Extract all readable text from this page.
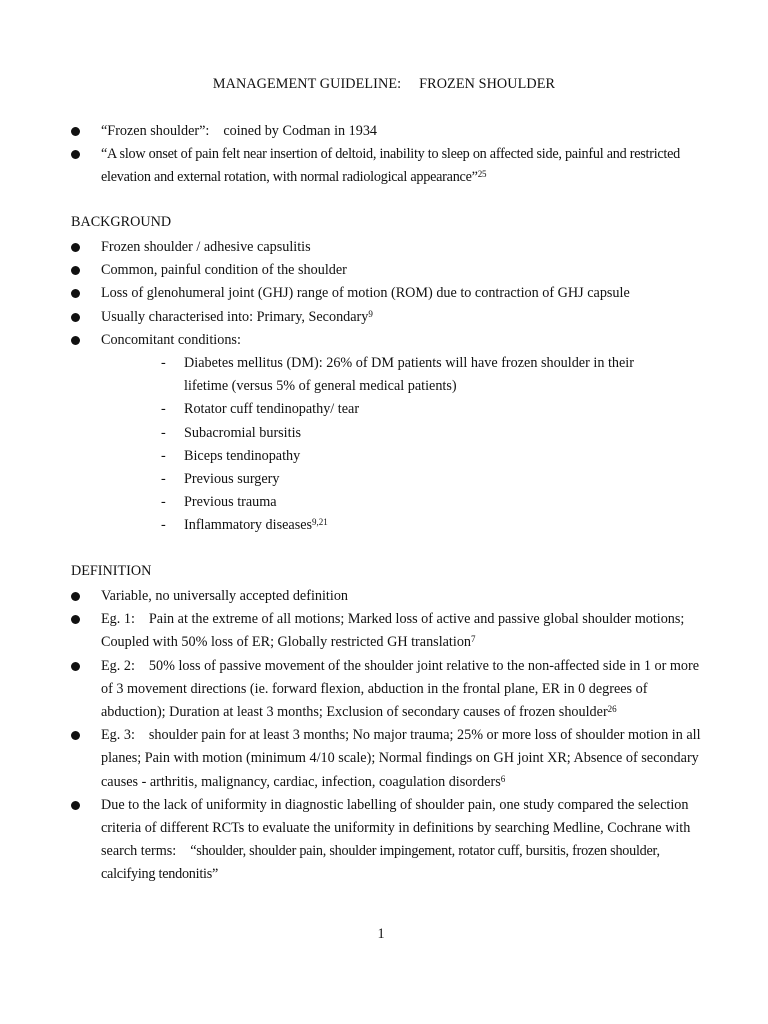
MANAGEMENT GUIDELINE: FROZEN SHOULDER
“Frozen shoulder”: coined by Codman in 1934
“A slow onset of pain felt near insertion of deltoid, inability to sleep on affected side, painful and restricted elevation and external rotation, with normal radiological appearance”$^{25}$
BACKGROUND
Frozen shoulder / adhesive capsulitis
Common, painful condition of the shoulder
Loss of glenohumeral joint (GHJ) range of motion (ROM) due to contraction of GHJ capsule
Usually characterised into: Primary, Secondary$^9$
Concomitant conditions:
- Diabetes mellitus (DM): 26% of DM patients will have frozen shoulder in their lifetime (versus 5% of general medical patients)
- Rotator cuff tendinopathy/ tear
- Subacromial bursitis
- Biceps tendinopathy
- Previous surgery
- Previous trauma
- Inflammatory diseases$^{9,21}$
DEFINITION
Variable, no universally accepted definition
Eg. 1: Pain at the extreme of all motions; Marked loss of active and passive global shoulder motions; Coupled with 50% loss of ER; Globally restricted GH translation$^7$
Eg. 2: 50% loss of passive movement of the shoulder joint relative to the non-affected side in 1 or more of 3 movement directions (ie. forward flexion, abduction in the frontal plane, ER in 0 degrees of abduction); Duration at least 3 months; Exclusion of secondary causes of frozen shoulder$^{26}$
Eg. 3: shoulder pain for at least 3 months; No major trauma; 25% or more loss of shoulder motion in all planes; Pain with motion (minimum 4/10 scale); Normal findings on GH joint XR; Absence of secondary causes - arthritis, malignancy, cardiac, infection, coagulation disorders$^6$
Due to the lack of uniformity in diagnostic labelling of shoulder pain, one study compared the selection criteria of different RCTs to evaluate the uniformity in definitions by searching Medline, Cochrane with search terms: “shoulder, shoulder pain, shoulder impingement, rotator cuff, bursitis, frozen shoulder, calcifying tendonitis”
1
